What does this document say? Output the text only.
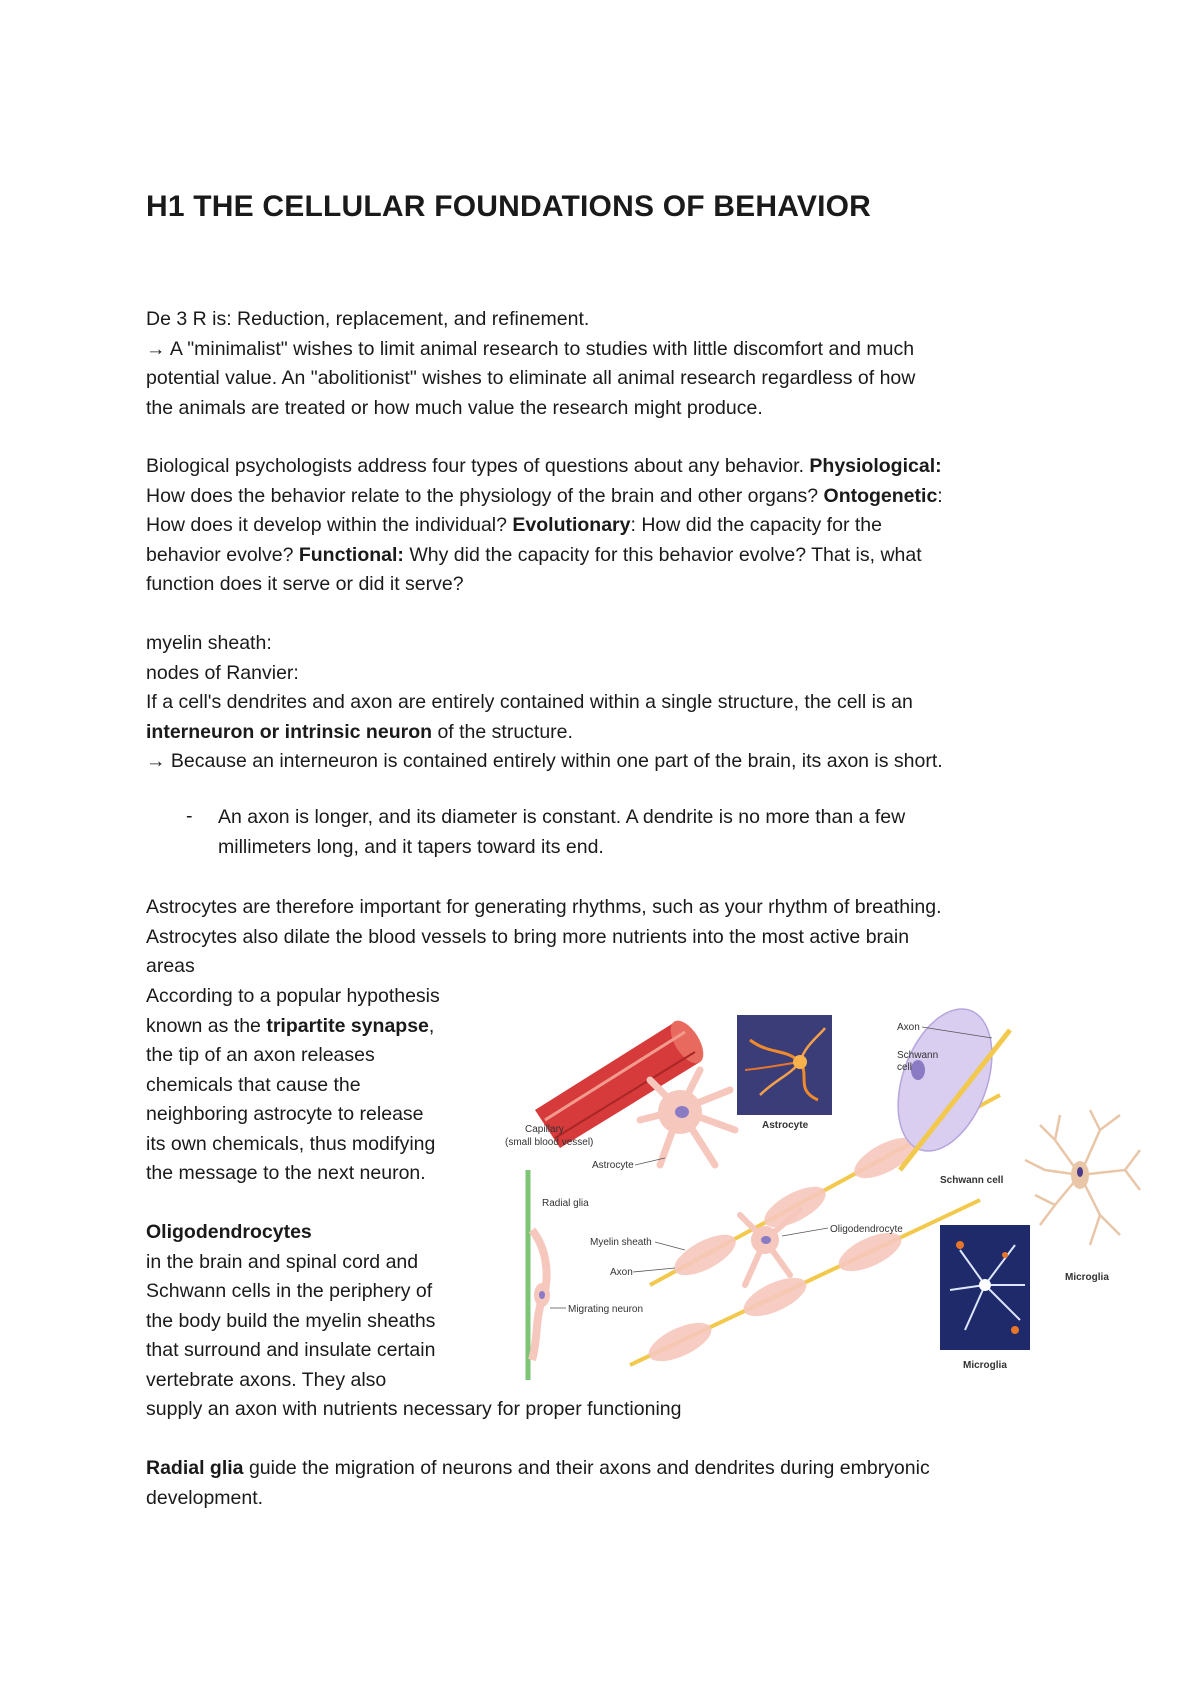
H1 THE CELLULAR FOUNDATIONS OF BEHAVIOR
De 3 R is: Reduction, replacement, and refinement.
→ A "minimalist" wishes to limit animal research to studies with little discomfort and much
potential value. An "abolitionist" wishes to eliminate all animal research regardless of how
the animals are treated or how much value the research might produce.
Biological psychologists address four types of questions about any behavior. Physiological:
How does the behavior relate to the physiology of the brain and other organs? Ontogenetic:
How does it develop within the individual? Evolutionary: How did the capacity for the
behavior evolve? Functional: Why did the capacity for this behavior evolve? That is, what
function does it serve or did it serve?
myelin sheath:
nodes of Ranvier:
If a cell's dendrites and axon are entirely contained within a single structure, the cell is an
interneuron or intrinsic neuron of the structure.
→ Because an interneuron is contained entirely within one part of the brain, its axon is short.
- An axon is longer, and its diameter is constant. A dendrite is no more than a few
millimeters long, and it tapers toward its end.
Astrocytes are therefore important for generating rhythms, such as your rhythm of breathing.
Astrocytes also dilate the blood vessels to bring more nutrients into the most active brain
areas
According to a popular hypothesis
known as the tripartite synapse,
the tip of an axon releases
chemicals that cause the
neighboring astrocyte to release
its own chemicals, thus modifying
the message to the next neuron.
Oligodendrocytes
in the brain and spinal cord and
Schwann cells in the periphery of
the body build the myelin sheaths
that surround and insulate certain
vertebrate axons. They also
supply an axon with nutrients necessary for proper functioning
Radial glia guide the migration of neurons and their axons and dendrites during embryonic
development.
Capillary
(small blood vessel)
Astrocyte
Astrocyte
Radial glia
Migrating neuron
Myelin sheath
Axon
Oligodendrocyte
Axon
Schwann
cell
Schwann cell
Microglia
Microglia
